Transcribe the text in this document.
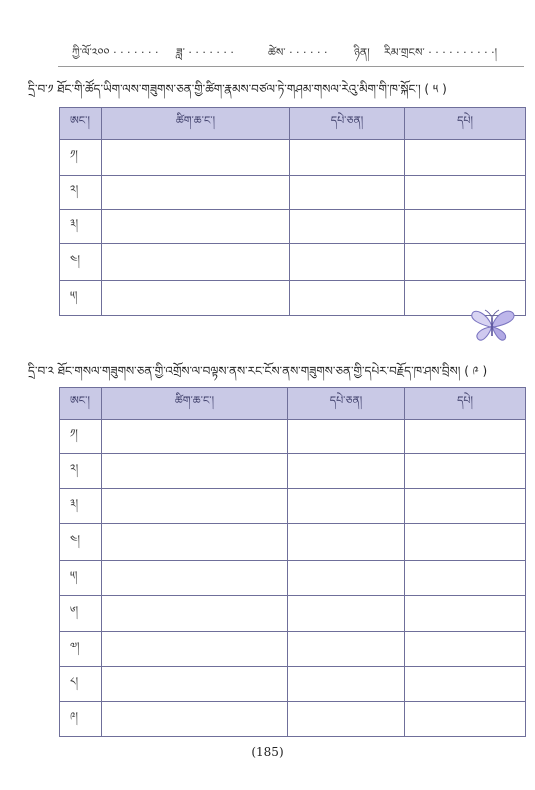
ཀྱི་ལོ་༢༠༠ · · · · · · · ཟླ་ · · · · · · ·	ཚེས་ · · · · · · ཉིན། རིམ་གྲངས་ · · · · · · · · · ·།
དྲི་བ་༡ ཐོང་གི་ཚོད་ཡིག་ལས་གཟུགས་ཅན་གྱི་ཚིག་རྣམས་བཙལ་ཏེ་གཤམ་གསལ་རེའུ་མིག་གི་ཁ་སྐོང་། ( ༥ )
ཨང་།	ཚིག་ཆ་ང་།	དཔེ་ཅན།	དཔེ།
༡།			
༢།			
༣།			
༤།			
༥།			
དྲི་བ་༢ ཐོང་གསལ་གཟུགས་ཅན་གྱི་འགྲོས་ལ་བལྟས་ནས་རང་ངོས་ནས་གཟུགས་ཅན་གྱི་དཔེར་བརྗོད་ཁ་ཤས་བྲིས། ( ༩ )
ཨང་།	ཚིག་ཆ་ང་།	དཔེ་ཅན།	དཔེ།
༡།			
༢།			
༣།			
༤།			
༥།			
༦།			
༧།			
༨།			
༩།			
(185)
